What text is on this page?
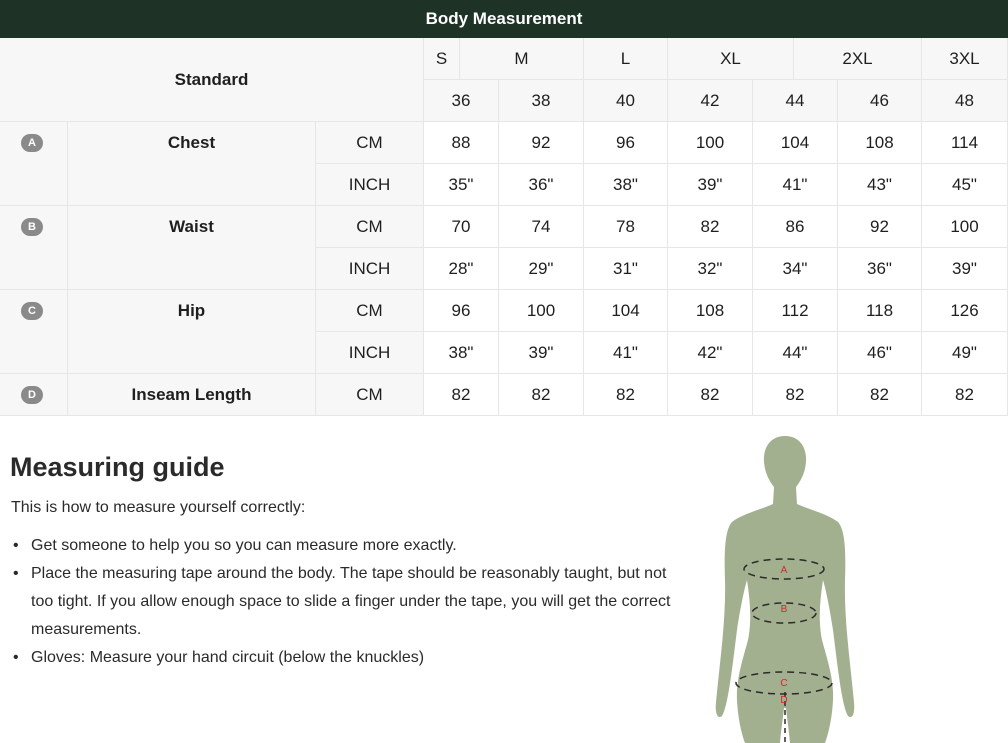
Body Measurement
Standard
S	M	L	XL	2XL	3XL
36	38	40	42	44	46	48
A	Chest	CM	88	92	96	100	104	108	114
INCH	35"	36"	38"	39"	41"	43"	45"
B	Waist	CM	70	74	78	82	86	92	100
INCH	28"	29"	31"	32"	34"	36"	39"
C	Hip	CM	96	100	104	108	112	118	126
INCH	38"	39"	41"	42"	44"	46"	49"
D	Inseam Length	CM	82	82	82	82	82	82	82
Measuring guide

This is how to measure yourself correctly:

• Get someone to help you so you can measure more exactly.
• Place the measuring tape around the body. The tape should be reasonably taught, but not too tight. If you allow enough space to slide a finger under the tape, you will get the correct measurements.
• Gloves: Measure your hand circuit (below the knuckles)
A
B
C
D
